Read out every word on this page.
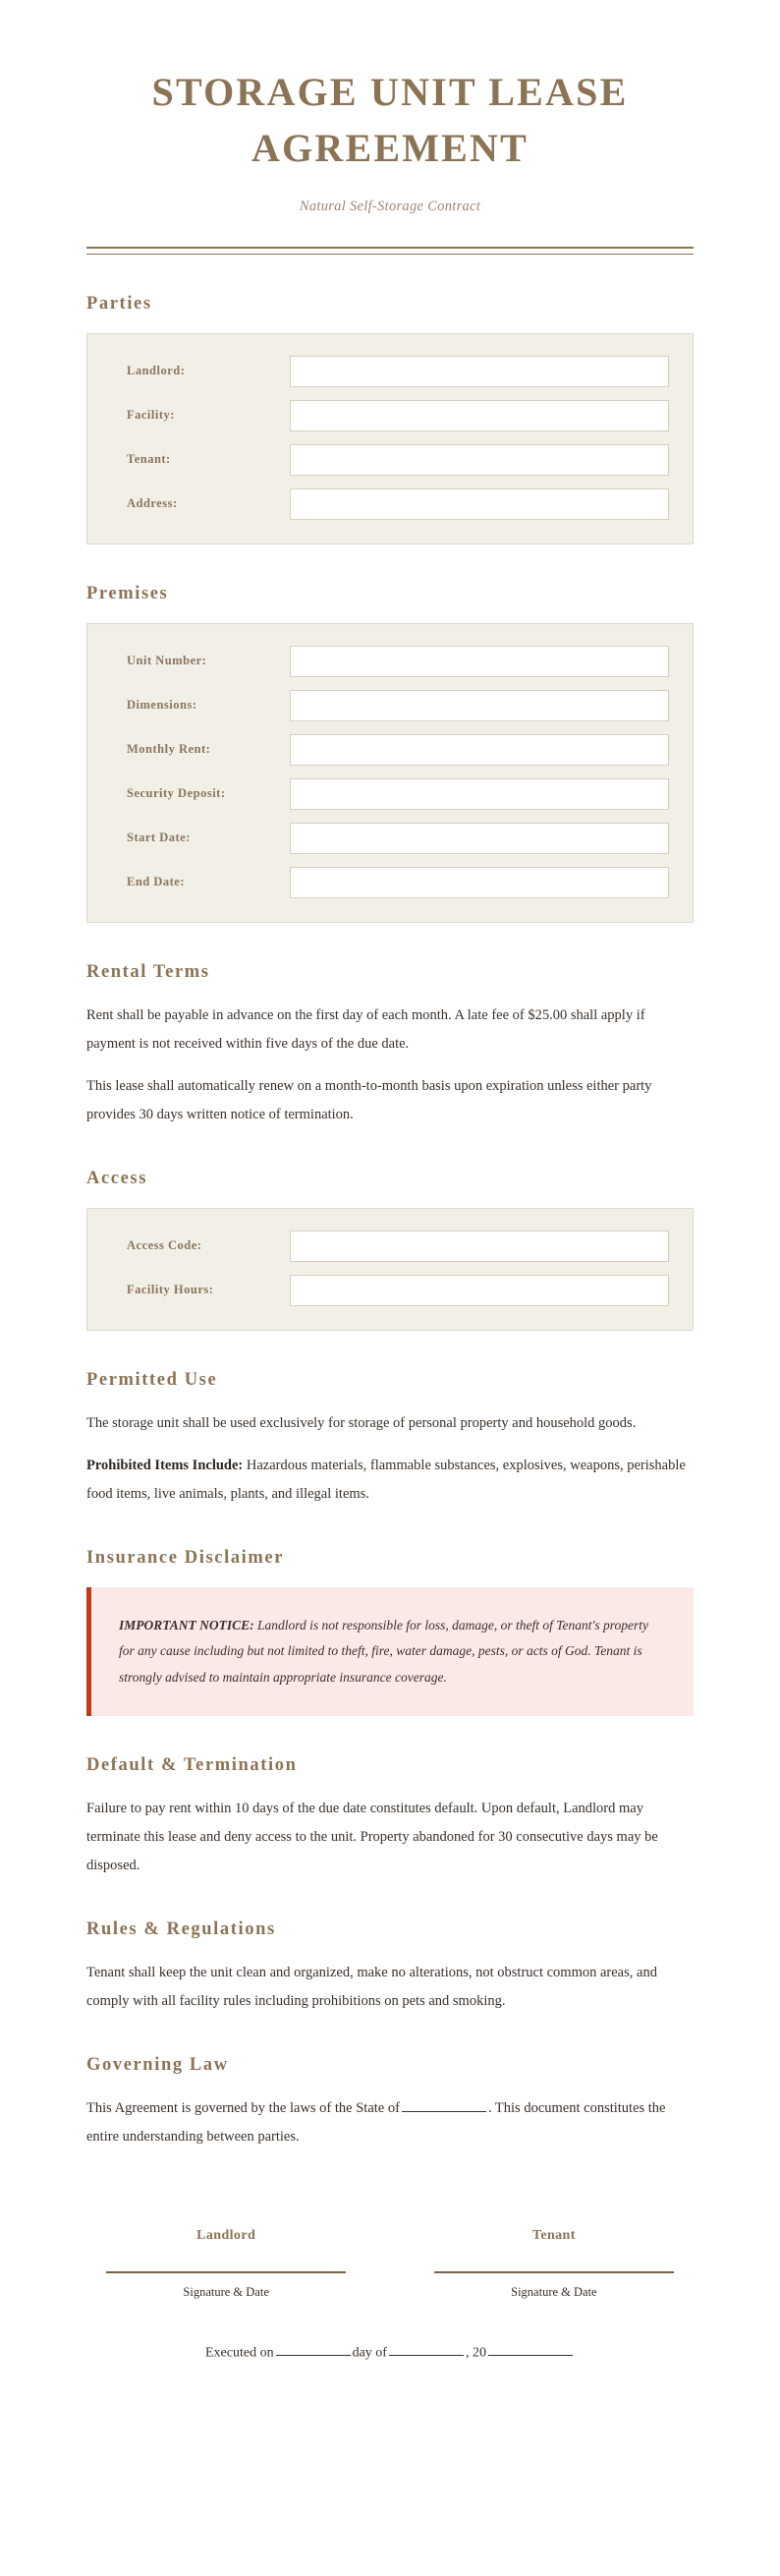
STORAGE UNIT LEASE AGREEMENT
Natural Self-Storage Contract
Parties
Landlord:
Facility:
Tenant:
Address:
Premises
Unit Number:
Dimensions:
Monthly Rent:
Security Deposit:
Start Date:
End Date:
Rental Terms

Rent shall be payable in advance on the first day of each month. A late fee of $25.00 shall apply if payment is not received within five days of the due date.

This lease shall automatically renew on a month-to-month basis upon expiration unless either party provides 30 days written notice of termination.

Access
Access Code:
Facility Hours:
Permitted Use

The storage unit shall be used exclusively for storage of personal property and household goods.

Prohibited Items Include: Hazardous materials, flammable substances, explosives, weapons, perishable food items, live animals, plants, and illegal items.

Insurance Disclaimer

IMPORTANT NOTICE: Landlord is not responsible for loss, damage, or theft of Tenant's property for any cause including but not limited to theft, fire, water damage, pests, or acts of God. Tenant is strongly advised to maintain appropriate insurance coverage.

Default & Termination

Failure to pay rent within 10 days of the due date constitutes default. Upon default, Landlord may terminate this lease and deny access to the unit. Property abandoned for 30 consecutive days may be disposed.

Rules & Regulations

Tenant shall keep the unit clean and organized, make no alterations, not obstruct common areas, and comply with all facility rules including prohibitions on pets and smoking.

Governing Law

This Agreement is governed by the laws of the State of	. This document constitutes the entire understanding between parties.

Landlord
Signature & Date
Tenant
Signature & Date
Executed on	day of	, 20
